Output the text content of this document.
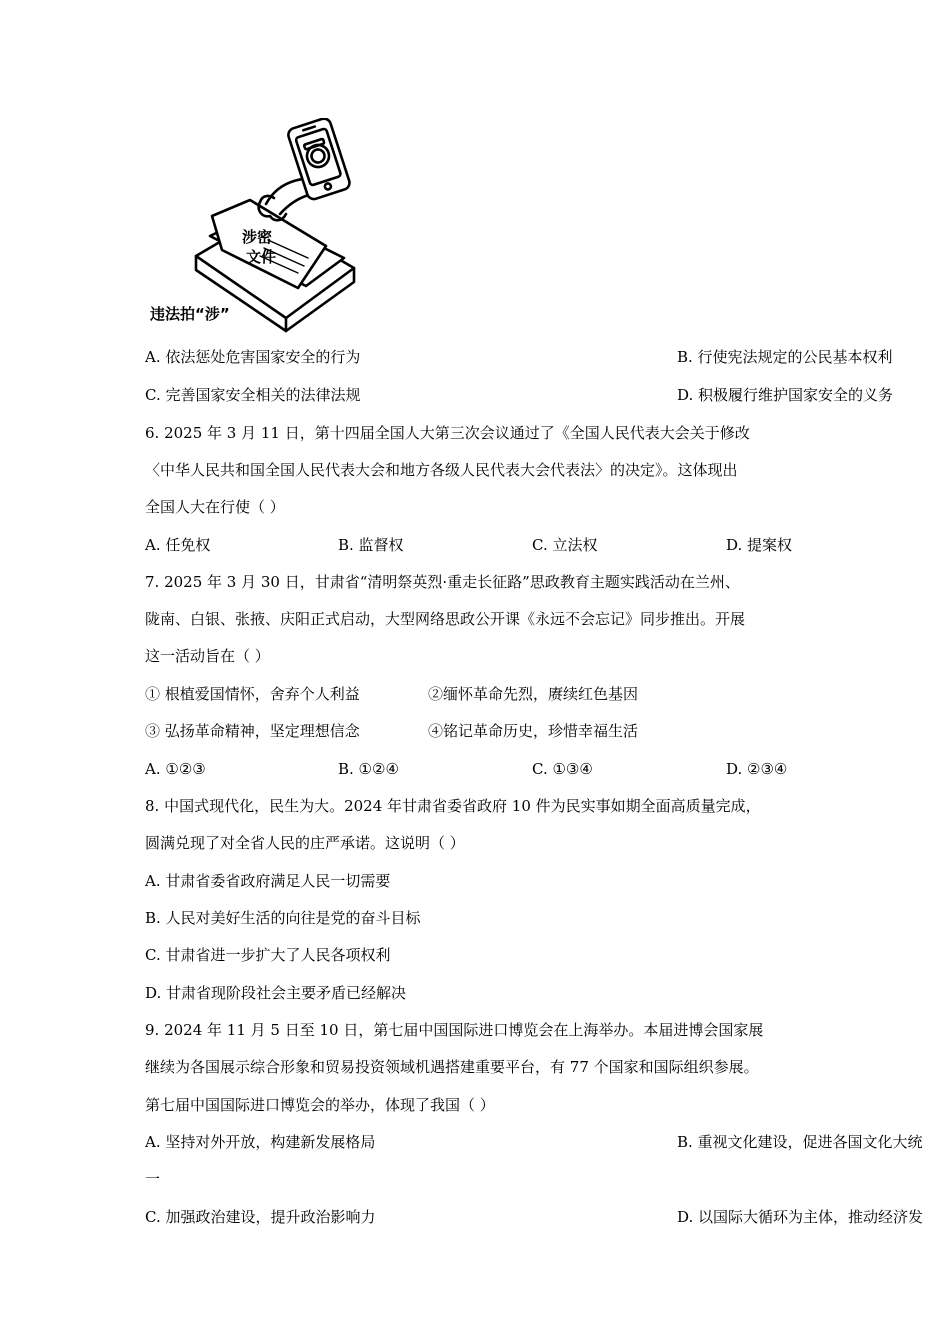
涉密
文件
违法拍“涉”
A. 依法惩处危害国家安全的行为	B. 行使宪法规定的公民基本权利
C. 完善国家安全相关的法律法规	D. 积极履行维护国家安全的义务
6. 2025 年 3 月 11 日，第十四届全国人大第三次会议通过了《全国人民代表大会关于修改
〈中华人民共和国全国人民代表大会和地方各级人民代表大会代表法〉的决定》。这体现出
全国人大在行使（ ）
A. 任免权	B. 监督权	C. 立法权	D. 提案权
7. 2025 年 3 月 30 日，甘肃省“清明祭英烈·重走长征路”思政教育主题实践活动在兰州、
陇南、白银、张掖、庆阳正式启动，大型网络思政公开课《永远不会忘记》同步推出。开展
这一活动旨在（ ）
① 根植爱国情怀，舍弃个人利益	②缅怀革命先烈，赓续红色基因
③ 弘扬革命精神，坚定理想信念	④铭记革命历史，珍惜幸福生活
A. ①②③	B. ①②④	C. ①③④	D. ②③④
8. 中国式现代化，民生为大。2024 年甘肃省委省政府 10 件为民实事如期全面高质量完成，
圆满兑现了对全省人民的庄严承诺。这说明（ ）
A. 甘肃省委省政府满足人民一切需要
B. 人民对美好生活的向往是党的奋斗目标
C. 甘肃省进一步扩大了人民各项权利
D. 甘肃省现阶段社会主要矛盾已经解决
9. 2024 年 11 月 5 日至 10 日，第七届中国国际进口博览会在上海举办。本届进博会国家展
继续为各国展示综合形象和贸易投资领域机遇搭建重要平台，有 77 个国家和国际组织参展。
第七届中国国际进口博览会的举办，体现了我国（ ）
A. 坚持对外开放，构建新发展格局	B. 重视文化建设，促进各国文化大统
一
C. 加强政治建设，提升政治影响力	D. 以国际大循环为主体，推动经济发
